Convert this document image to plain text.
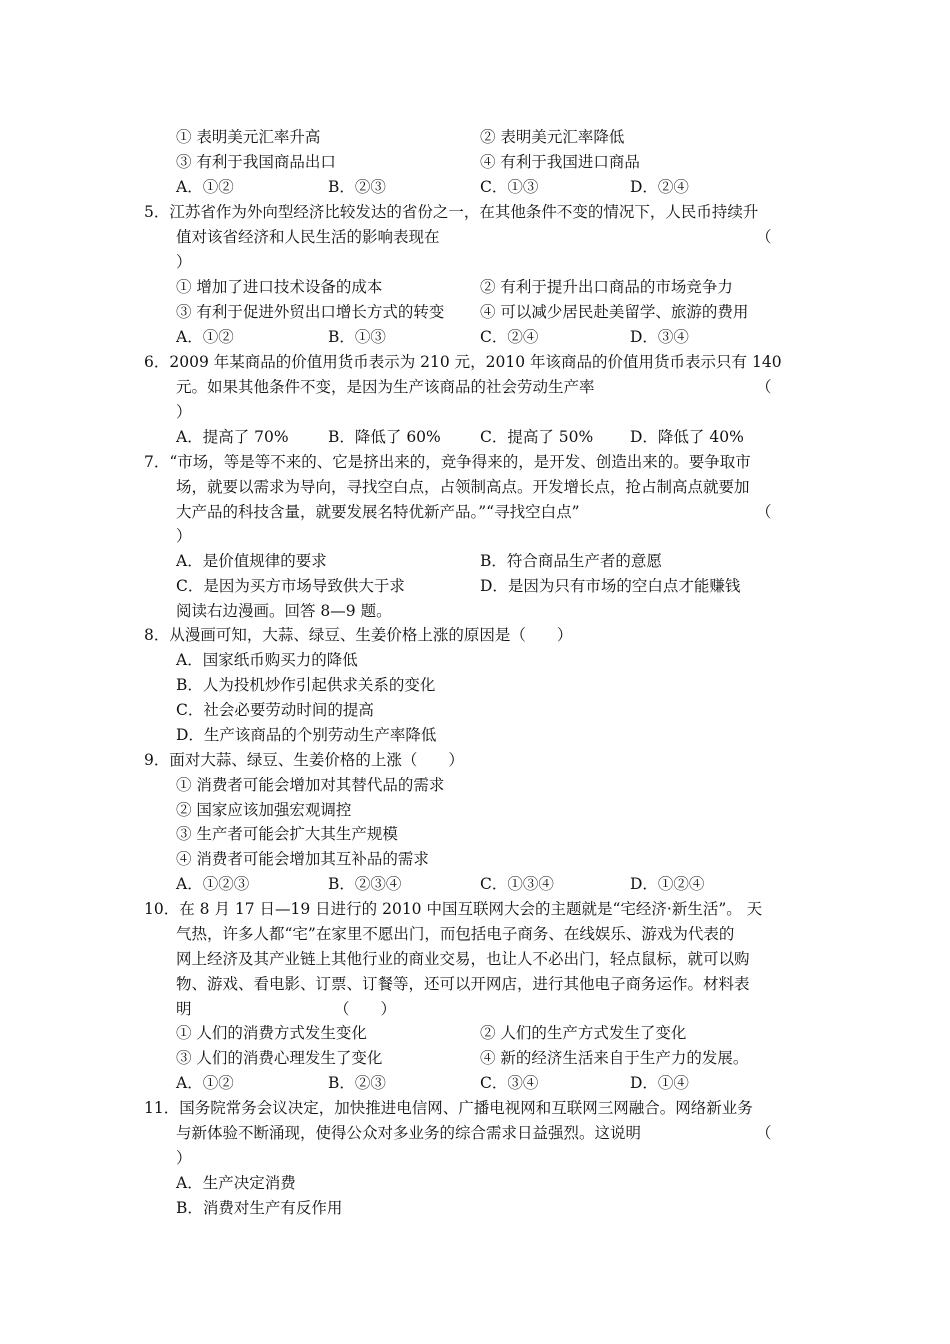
① 表明美元汇率升高	② 表明美元汇率降低
③ 有利于我国商品出口	④ 有利于我国进口商品
A．①②	B．②③	C．①③	D．②④
5．江苏省作为外向型经济比较发达的省份之一，在其他条件不变的情况下，人民币持续升
值对该省经济和人民生活的影响表现在	（
）
① 增加了进口技术设备的成本	② 有利于提升出口商品的市场竞争力
③ 有利于促进外贸出口增长方式的转变 ④ 可以减少居民赴美留学、旅游的费用
A．①②	B．①③	C．②④	D．③④
6．2009 年某商品的价值用货币表示为 210 元，2010 年该商品的价值用货币表示只有 140
元。如果其他条件不变，是因为生产该商品的社会劳动生产率	（
）
A．提高了 70%	B．降低了 60%	C．提高了 50% D．降低了 40%
7．“市场，等是等不来的、它是挤出来的，竞争得来的，是开发、创造出来的。要争取市
场，就要以需求为导向，寻找空白点，占领制高点。开发增长点，抢占制高点就要加
大产品的科技含量，就要发展名特优新产品。”“寻找空白点”	（
）
A．是价值规律的要求	B．符合商品生产者的意愿
C．是因为买方市场导致供大于求	D．是因为只有市场的空白点才能赚钱
阅读右边漫画。回答 8—9 题。
8．从漫画可知，大蒜、绿豆、生姜价格上涨的原因是（　　）
A．国家纸币购买力的降低
B．人为投机炒作引起供求关系的变化
C．社会必要劳动时间的提高
D．生产该商品的个别劳动生产率降低
9．面对大蒜、绿豆、生姜价格的上涨（　　）
① 消费者可能会增加对其替代品的需求
② 国家应该加强宏观调控
③ 生产者可能会扩大其生产规模
④ 消费者可能会增加其互补品的需求
A．①②③	B．②③④	C．①③④	D．①②④
10．在 8 月 17 日—19 日进行的 2010 中国互联网大会的主题就是“宅经济·新生活”。 天
气热，许多人都“宅”在家里不愿出门，而包括电子商务、在线娱乐、游戏为代表的
网上经济及其产业链上其他行业的商业交易，也让人不必出门，轻点鼠标，就可以购
物、游戏、看电影、订票、订餐等，还可以开网店，进行其他电子商务运作。材料表
明	（　　）
① 人们的消费方式发生变化	② 人们的生产方式发生了变化
③ 人们的消费心理发生了变化	④ 新的经济生活来自于生产力的发展。
A．①②	B．②③	C．③④	D．①④
11．国务院常务会议决定，加快推进电信网、广播电视网和互联网三网融合。网络新业务
与新体验不断涌现，使得公众对多业务的综合需求日益强烈。这说明	（
）
A．生产决定消费
B．消费对生产有反作用
